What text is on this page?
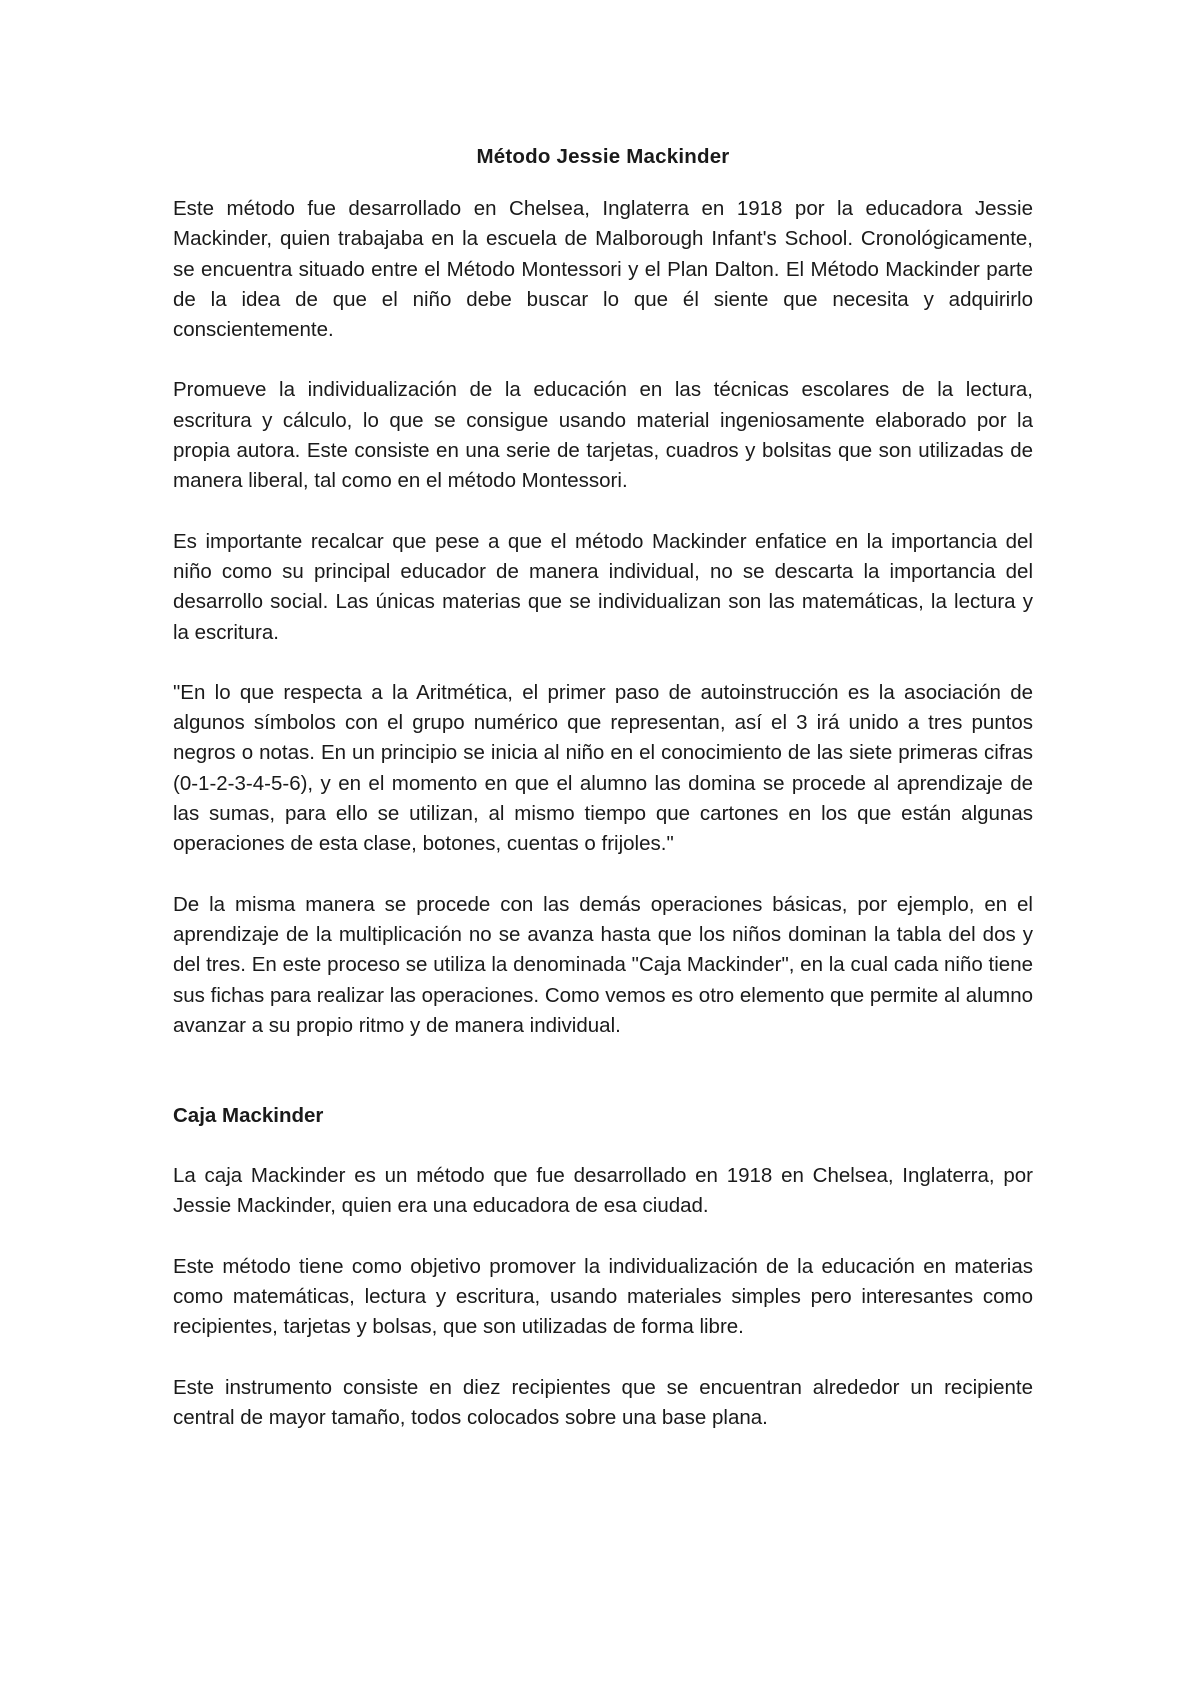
Método Jessie Mackinder

Este método fue desarrollado en Chelsea, Inglaterra en 1918 por la educadora Jessie Mackinder, quien trabajaba en la escuela de Malborough Infant's School. Cronológicamente, se encuentra situado entre el Método Montessori y el Plan Dalton. El Método Mackinder parte de la idea de que el niño debe buscar lo que él siente que necesita y adquirirlo conscientemente.

Promueve la individualización de la educación en las técnicas escolares de la lectura, escritura y cálculo, lo que se consigue usando material ingeniosamente elaborado por la propia autora. Este consiste en una serie de tarjetas, cuadros y bolsitas que son utilizadas de manera liberal, tal como en el método Montessori.

Es importante recalcar que pese a que el método Mackinder enfatice en la importancia del niño como su principal educador de manera individual, no se descarta la importancia del desarrollo social. Las únicas materias que se individualizan son las matemáticas, la lectura y la escritura.

"En lo que respecta a la Aritmética, el primer paso de autoinstrucción es la asociación de algunos símbolos con el grupo numérico que representan, así el 3 irá unido a tres puntos negros o notas. En un principio se inicia al niño en el conocimiento de las siete primeras cifras (0-1-2-3-4-5-6), y en el momento en que el alumno las domina se procede al aprendizaje de las sumas, para ello se utilizan, al mismo tiempo que cartones en los que están algunas operaciones de esta clase, botones, cuentas o frijoles."

De la misma manera se procede con las demás operaciones básicas, por ejemplo, en el aprendizaje de la multiplicación no se avanza hasta que los niños dominan la tabla del dos y del tres. En este proceso se utiliza la denominada "Caja Mackinder", en la cual cada niño tiene sus fichas para realizar las operaciones. Como vemos es otro elemento que permite al alumno avanzar a su propio ritmo y de manera individual.

Caja Mackinder

La caja Mackinder es un método que fue desarrollado en 1918 en Chelsea, Inglaterra, por Jessie Mackinder, quien era una educadora de esa ciudad.

Este método tiene como objetivo promover la individualización de la educación en materias como matemáticas, lectura y escritura, usando materiales simples pero interesantes como recipientes, tarjetas y bolsas, que son utilizadas de forma libre.

Este instrumento consiste en diez recipientes que se encuentran alrededor un recipiente central de mayor tamaño, todos colocados sobre una base plana.
